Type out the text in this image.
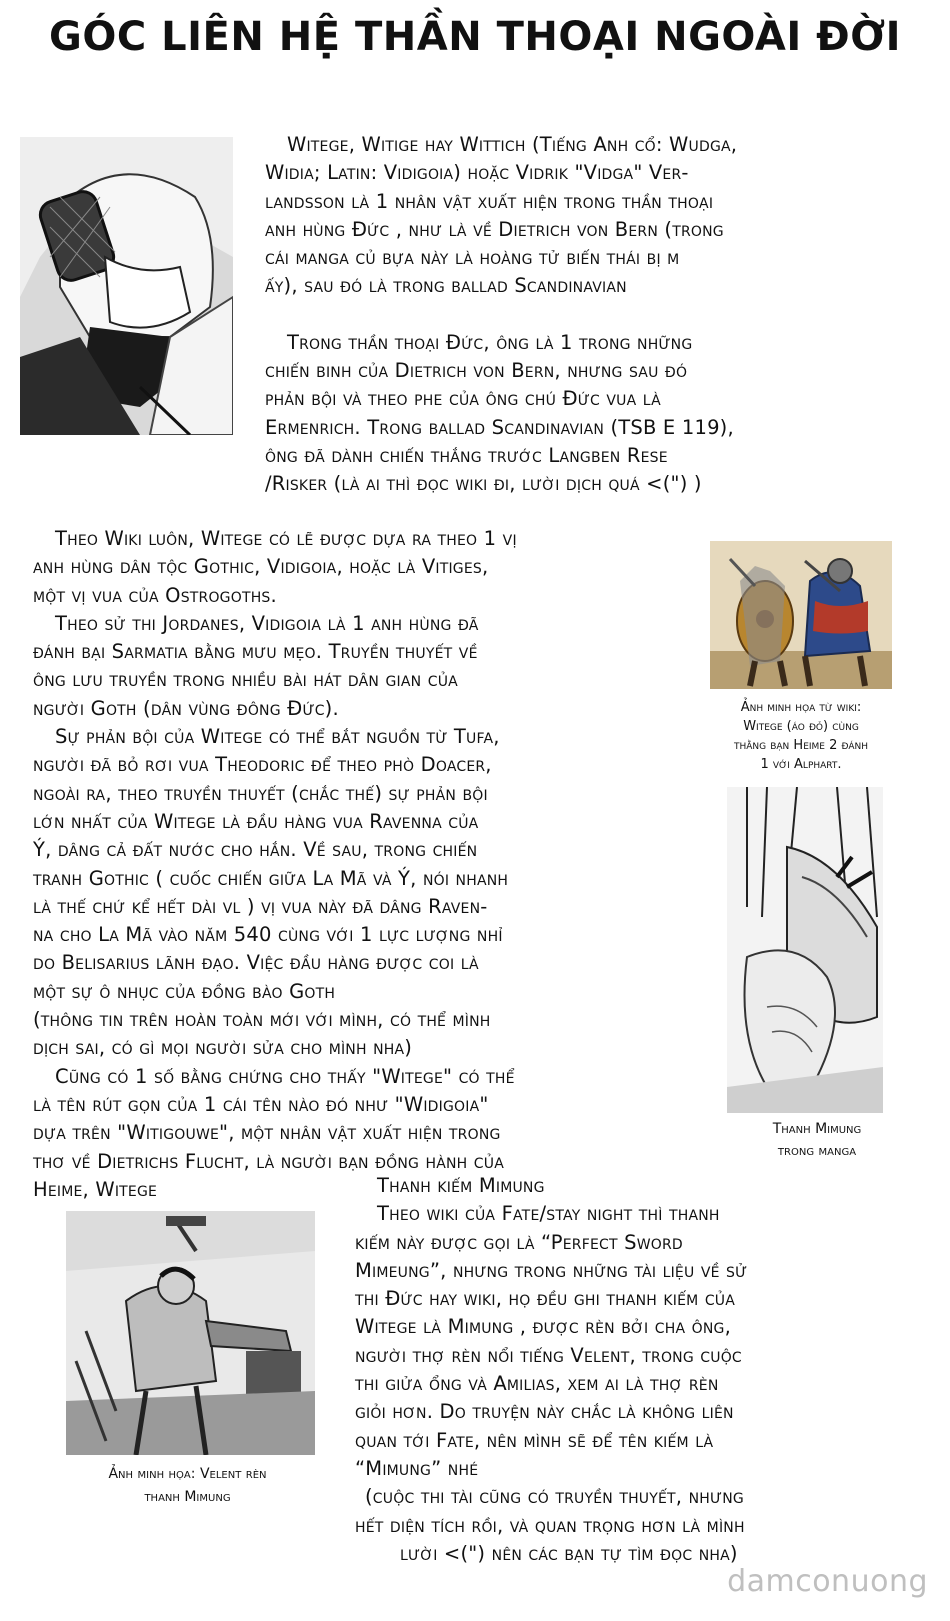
GÓC LIÊN HỆ THẦN THOẠI NGOÀI ĐỜI

Witege, Witige hay Wittich (Tiếng Anh cổ: Wudga,

Widia; Latin: Vidigoia) hoặc Vidrik "Vidga" Ver-

landsson là 1 nhân vật xuất hiện trong thần thoại

anh hùng Đức , như là về Dietrich von Bern (trong

cái manga củ bựa này là hoàng tử biến thái bị m

ấy), sau đó là trong ballad Scandinavian

Trong thần thoại Đức, ông là 1 trong những

chiến binh của Dietrich von Bern, nhưng sau đó

phản bội và theo phe của ông chú Đức vua là

Ermenrich. Trong ballad Scandinavian (TSB E 119),

ông đã dành chiến thắng trước Langben Rese

/Risker (là ai thì đọc wiki đi, lười dịch quá <(") )

Theo Wiki luôn, Witege có lẽ được dựa ra theo 1 vị

anh hùng dân tộc Gothic, Vidigoia, hoặc là Vitiges,

một vị vua của Ostrogoths.

Theo sử thi Jordanes, Vidigoia là 1 anh hùng đã

đánh bại Sarmatia bằng mưu mẹo. Truyền thuyết về

ông lưu truyền trong nhiều bài hát dân gian của

người Goth (dân vùng đông Đức).

Sự phản bội của Witege có thể bắt nguồn từ Tufa,

người đã bỏ rơi vua Theodoric để theo phò Doacer,

ngoài ra, theo truyền thuyết (chắc thế) sự phản bội

lớn nhất của Witege là đầu hàng vua Ravenna của

Ý, dâng cả đất nước cho hắn. Về sau, trong chiến

tranh Gothic ( cuốc chiến giữa La Mã và Ý, nói nhanh

là thế chứ kể hết dài vl ) vị vua này đã dâng Raven-

na cho La Mã vào năm 540 cùng với 1 lực lượng nhỉ

do Belisarius lãnh đạo. Việc đầu hàng được coi là

một sự ô nhục của đồng bào Goth

(thông tin trên hoàn toàn mới với mình, có thể mình

dịch sai, có gì mọi người sửa cho mình nha)

Cũng có 1 số bằng chứng cho thấy "Witege" có thể

là tên rút gọn của 1 cái tên nào đó như "Widigoia"

dựa trên "Witigouwe", một nhân vật xuất hiện trong

thơ về Dietrichs Flucht, là người bạn đồng hành của

Heime, Witege

Ảnh minh họa từ wiki:
Witege (áo đỏ) cùng
thằng bạn Heime 2 đánh
1 với Alphart.
Thanh Mimung
trong manga
Ảnh minh họa: Velent rèn
thanh Mimung

Thanh kiếm Mimung

Theo wiki của Fate/stay night thì thanh

kiếm này được gọi là “Perfect Sword

Mimeung”, nhưng trong những tài liệu về sử

thi Đức hay wiki, họ đều ghi thanh kiếm của

Witege là Mimung , được rèn bởi cha ông,

người thợ rèn nổi tiếng Velent, trong cuộc

thi giửa ổng và Amilias, xem ai là thợ rèn

giỏi hơn. Do truyện này chắc là không liên

quan tới Fate, nên mình sẽ để tên kiếm là

“Mimung” nhé

(cuộc thi tài cũng có truyền thuyết, nhưng

hết diện tích rồi, và quan trọng hơn là mình

lười <(") nên các bạn tự tìm đọc nha)

damconuong
